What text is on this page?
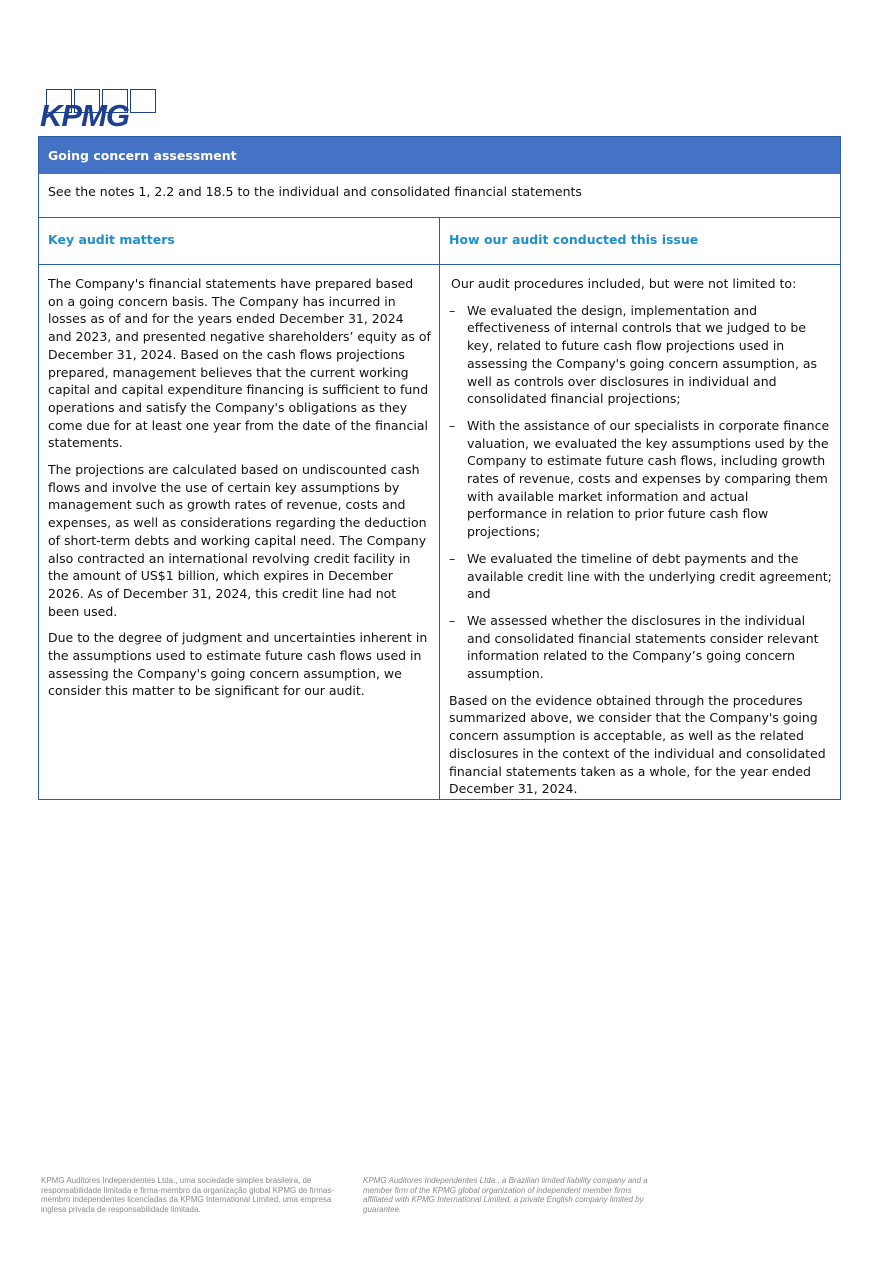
KPMG
Going concern assessment
See the notes 1, 2.2 and 18.5 to the individual and consolidated financial statements
Key audit matters

The Company's financial statements have prepared based on a going concern basis. The Company has incurred in losses as of and for the years ended December 31, 2024 and 2023, and presented negative shareholders’ equity as of December 31, 2024. Based on the cash flows projections prepared, management believes that the current working capital and capital expenditure financing is sufficient to fund operations and satisfy the Company's obligations as they come due for at least one year from the date of the financial statements.

The projections are calculated based on undiscounted cash flows and involve the use of certain key assumptions by management such as growth rates of revenue, costs and expenses, as well as considerations regarding the deduction of short-term debts and working capital need. The Company also contracted an international revolving credit facility in the amount of US$1 billion, which expires in December 2026. As of December 31, 2024, this credit line had not been used.

Due to the degree of judgment and uncertainties inherent in the assumptions used to estimate future cash flows used in assessing the Company's going concern assumption, we consider this matter to be significant for our audit.

How our audit conducted this issue

Our audit procedures included, but were not limited to:

– We evaluated the design, implementation and effectiveness of internal controls that we judged to be key, related to future cash flow projections used in assessing the Company's going concern assumption, as well as controls over disclosures in individual and consolidated financial projections;
– With the assistance of our specialists in corporate finance valuation, we evaluated the key assumptions used by the Company to estimate future cash flows, including growth rates of revenue, costs and expenses by comparing them with available market information and actual performance in relation to prior future cash flow projections;
– We evaluated the timeline of debt payments and the available credit line with the underlying credit agreement; and
– We assessed whether the disclosures in the individual and consolidated financial statements consider relevant information related to the Company’s going concern assumption.

Based on the evidence obtained through the procedures summarized above, we consider that the Company's going concern assumption is acceptable, as well as the related disclosures in the context of the individual and consolidated financial statements taken as a whole, for the year ended December 31, 2024.

KPMG Auditores Independentes Ltda., uma sociedade simples brasileira, de responsabilidade limitada e firma-membro da organização global KPMG de firmas-membro independentes licenciadas da KPMG International Limited, uma empresa inglesa privada de responsabilidade limitada.
KPMG Auditores Independentes Ltda., a Brazilian limited liability company and a member firm of the KPMG global organization of independent member firms affiliated with KPMG International Limited, a private English company limited by guarantee.
